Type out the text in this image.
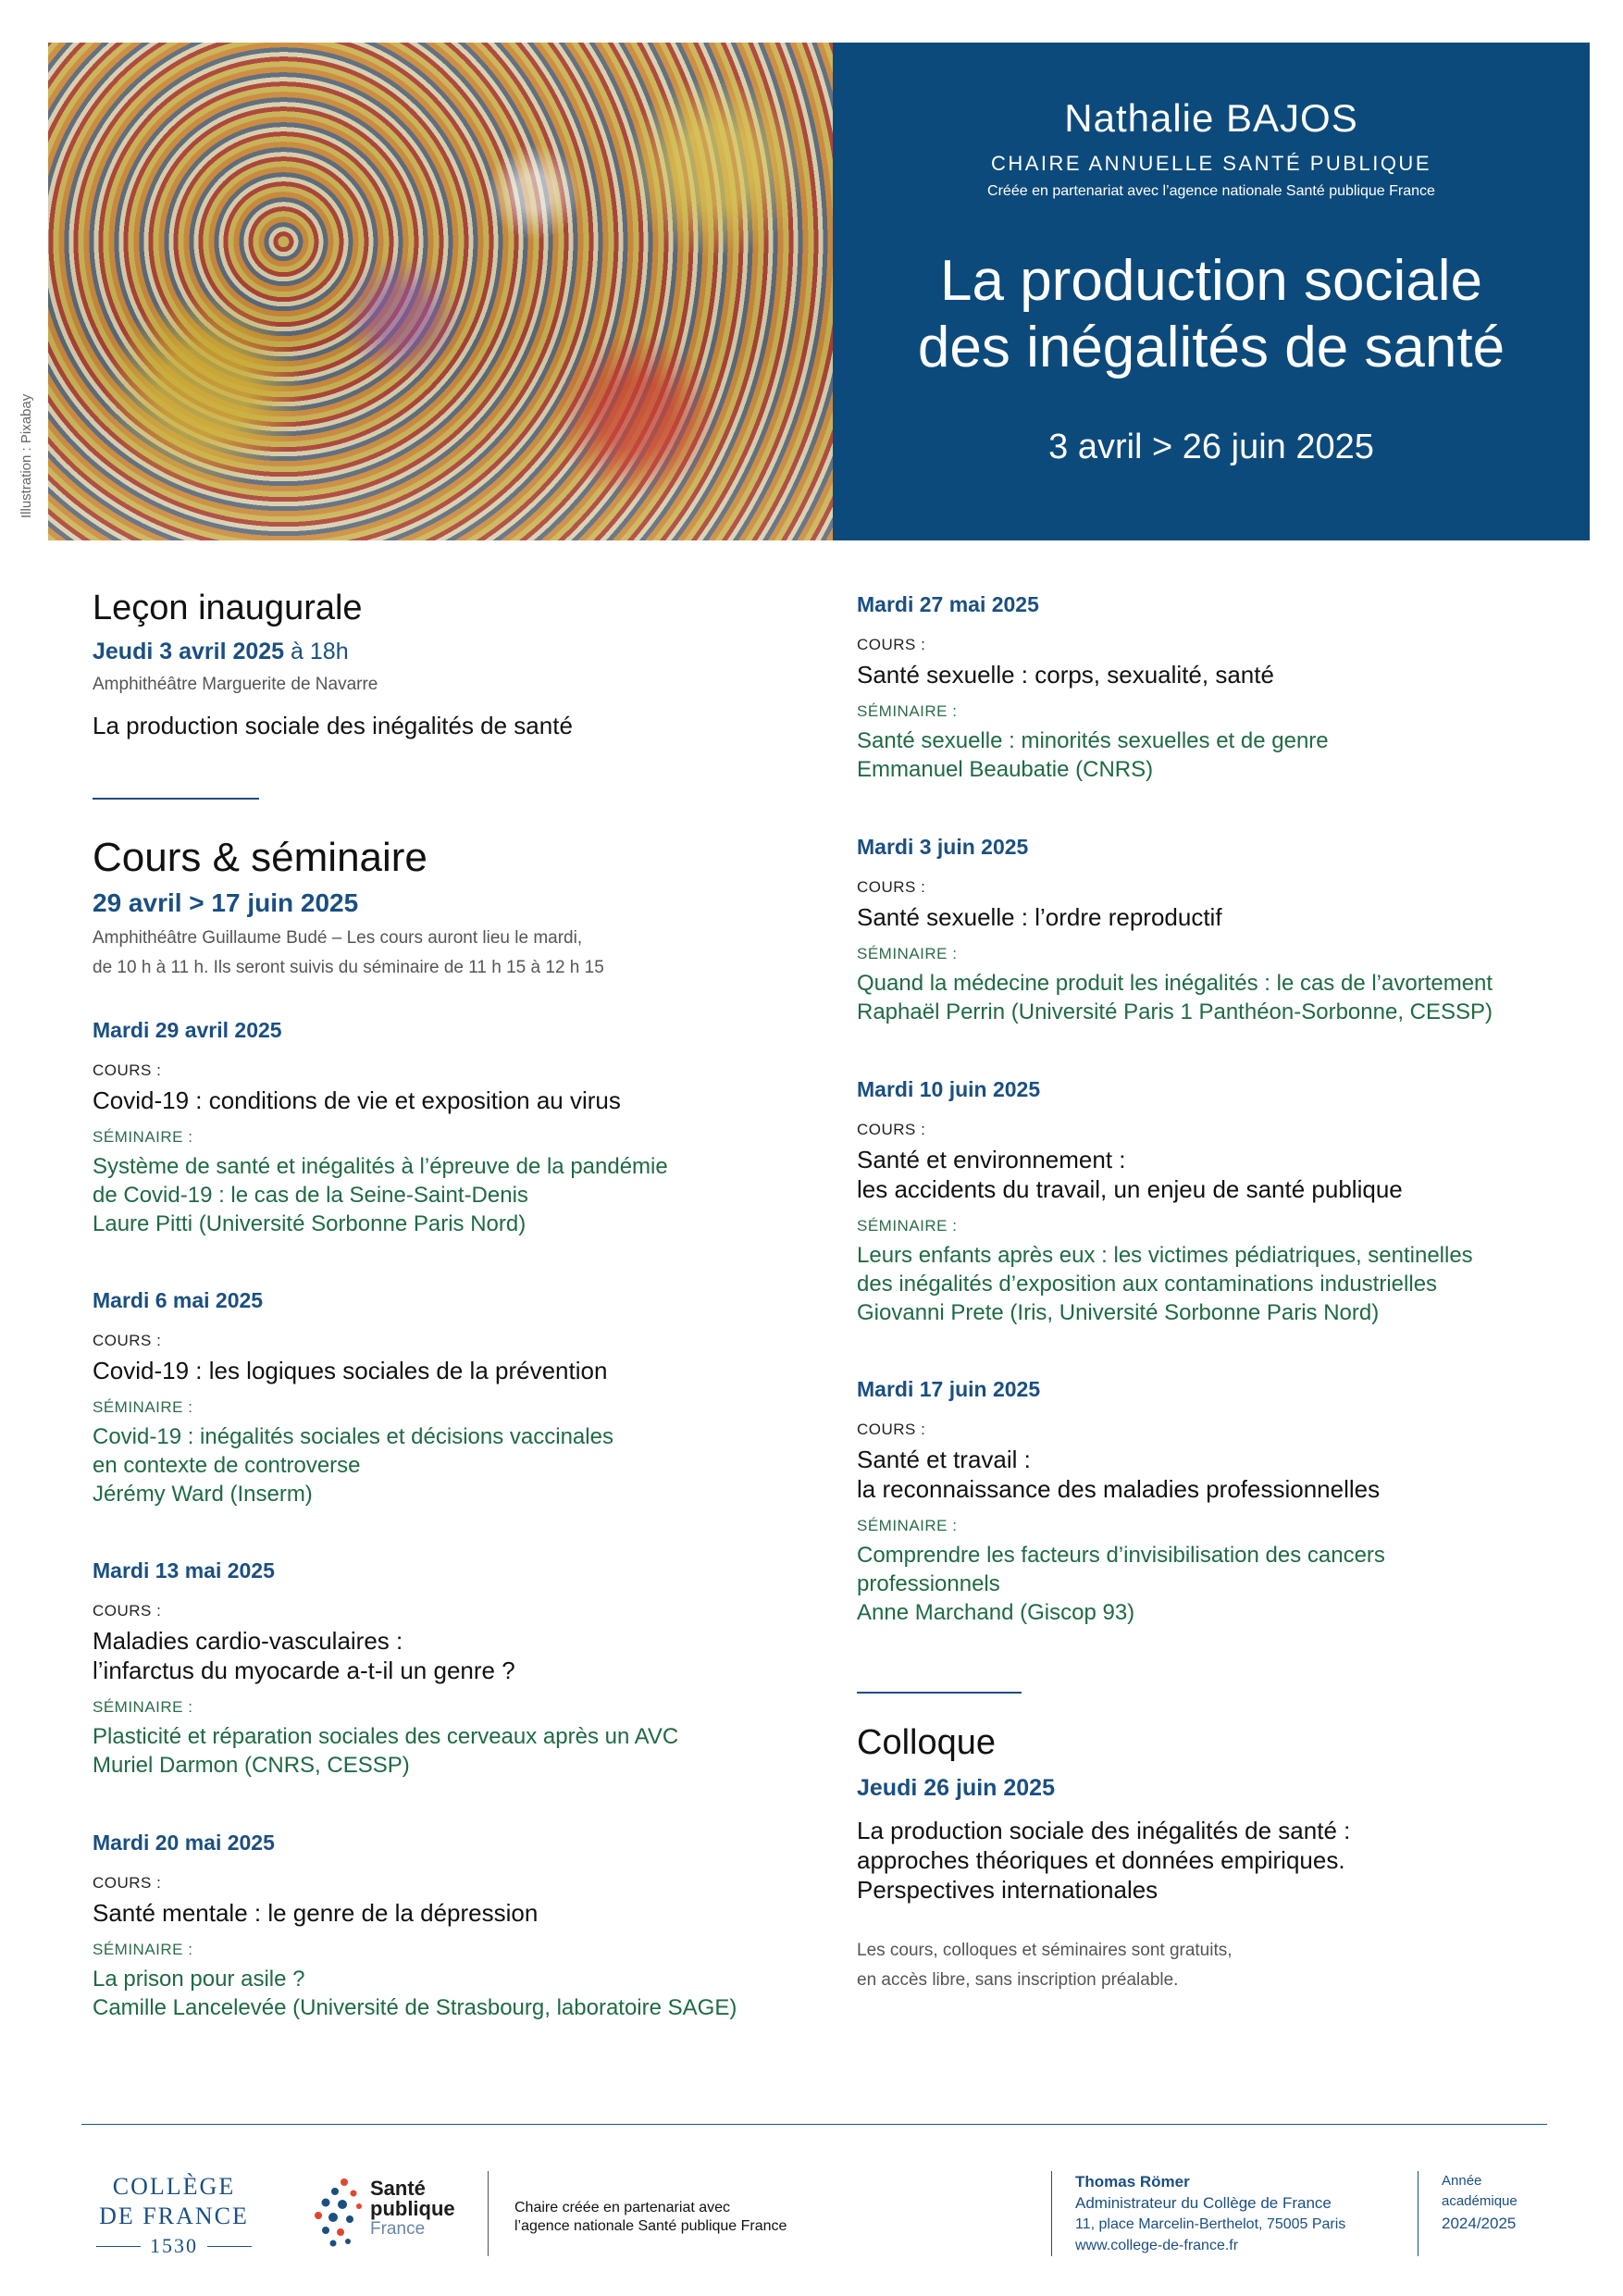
Illustration : Pixabay
Nathalie BAJOS
CHAIRE ANNUELLE SANTÉ PUBLIQUE
Créée en partenariat avec l’agence nationale Santé publique France
La production sociale
des inégalités de santé
3 avril > 26 juin 2025
Leçon inaugurale
Jeudi 3 avril 2025 à 18h
Amphithéâtre Marguerite de Navarre
La production sociale des inégalités de santé
Cours & séminaire
29 avril > 17 juin 2025
Amphithéâtre Guillaume Budé – Les cours auront lieu le mardi,
de 10 h à 11 h. Ils seront suivis du séminaire de 11 h 15 à 12 h 15
Mardi 29 avril 2025
COURS :
Covid-19 : conditions de vie et exposition au virus
SÉMINAIRE :
Système de santé et inégalités à l’épreuve de la pandémie
de Covid-19 : le cas de la Seine-Saint-Denis
Laure Pitti (Université Sorbonne Paris Nord)
Mardi 6 mai 2025
COURS :
Covid-19 : les logiques sociales de la prévention
SÉMINAIRE :
Covid-19 : inégalités sociales et décisions vaccinales
en contexte de controverse
Jérémy Ward (Inserm)
Mardi 13 mai 2025
COURS :
Maladies cardio-vasculaires :
l’infarctus du myocarde a-t-il un genre ?
SÉMINAIRE :
Plasticité et réparation sociales des cerveaux après un AVC
Muriel Darmon (CNRS, CESSP)
Mardi 20 mai 2025
COURS :
Santé mentale : le genre de la dépression
SÉMINAIRE :
La prison pour asile ?
Camille Lancelevée (Université de Strasbourg, laboratoire SAGE)
Mardi 27 mai 2025
COURS :
Santé sexuelle : corps, sexualité, santé
SÉMINAIRE :
Santé sexuelle : minorités sexuelles et de genre
Emmanuel Beaubatie (CNRS)
Mardi 3 juin 2025
COURS :
Santé sexuelle : l’ordre reproductif
SÉMINAIRE :
Quand la médecine produit les inégalités : le cas de l’avortement
Raphaël Perrin (Université Paris 1 Panthéon-Sorbonne, CESSP)
Mardi 10 juin 2025
COURS :
Santé et environnement :
les accidents du travail, un enjeu de santé publique
SÉMINAIRE :
Leurs enfants après eux : les victimes pédiatriques, sentinelles
des inégalités d’exposition aux contaminations industrielles
Giovanni Prete (Iris, Université Sorbonne Paris Nord)
Mardi 17 juin 2025
COURS :
Santé et travail :
la reconnaissance des maladies professionnelles
SÉMINAIRE :
Comprendre les facteurs d’invisibilisation des cancers
professionnels
Anne Marchand (Giscop 93)
Colloque
Jeudi 26 juin 2025
La production sociale des inégalités de santé :
approches théoriques et données empiriques.
Perspectives internationales
Les cours, colloques et séminaires sont gratuits,
en accès libre, sans inscription préalable.
COLLÈGE
DE FRANCE
1530
Santé
publique
France
Chaire créée en partenariat avec
l’agence nationale Santé publique France
Thomas Römer
Administrateur du Collège de France
11, place Marcelin-Berthelot, 75005 Paris
www.college-de-france.fr
Année
académique
2024/2025
